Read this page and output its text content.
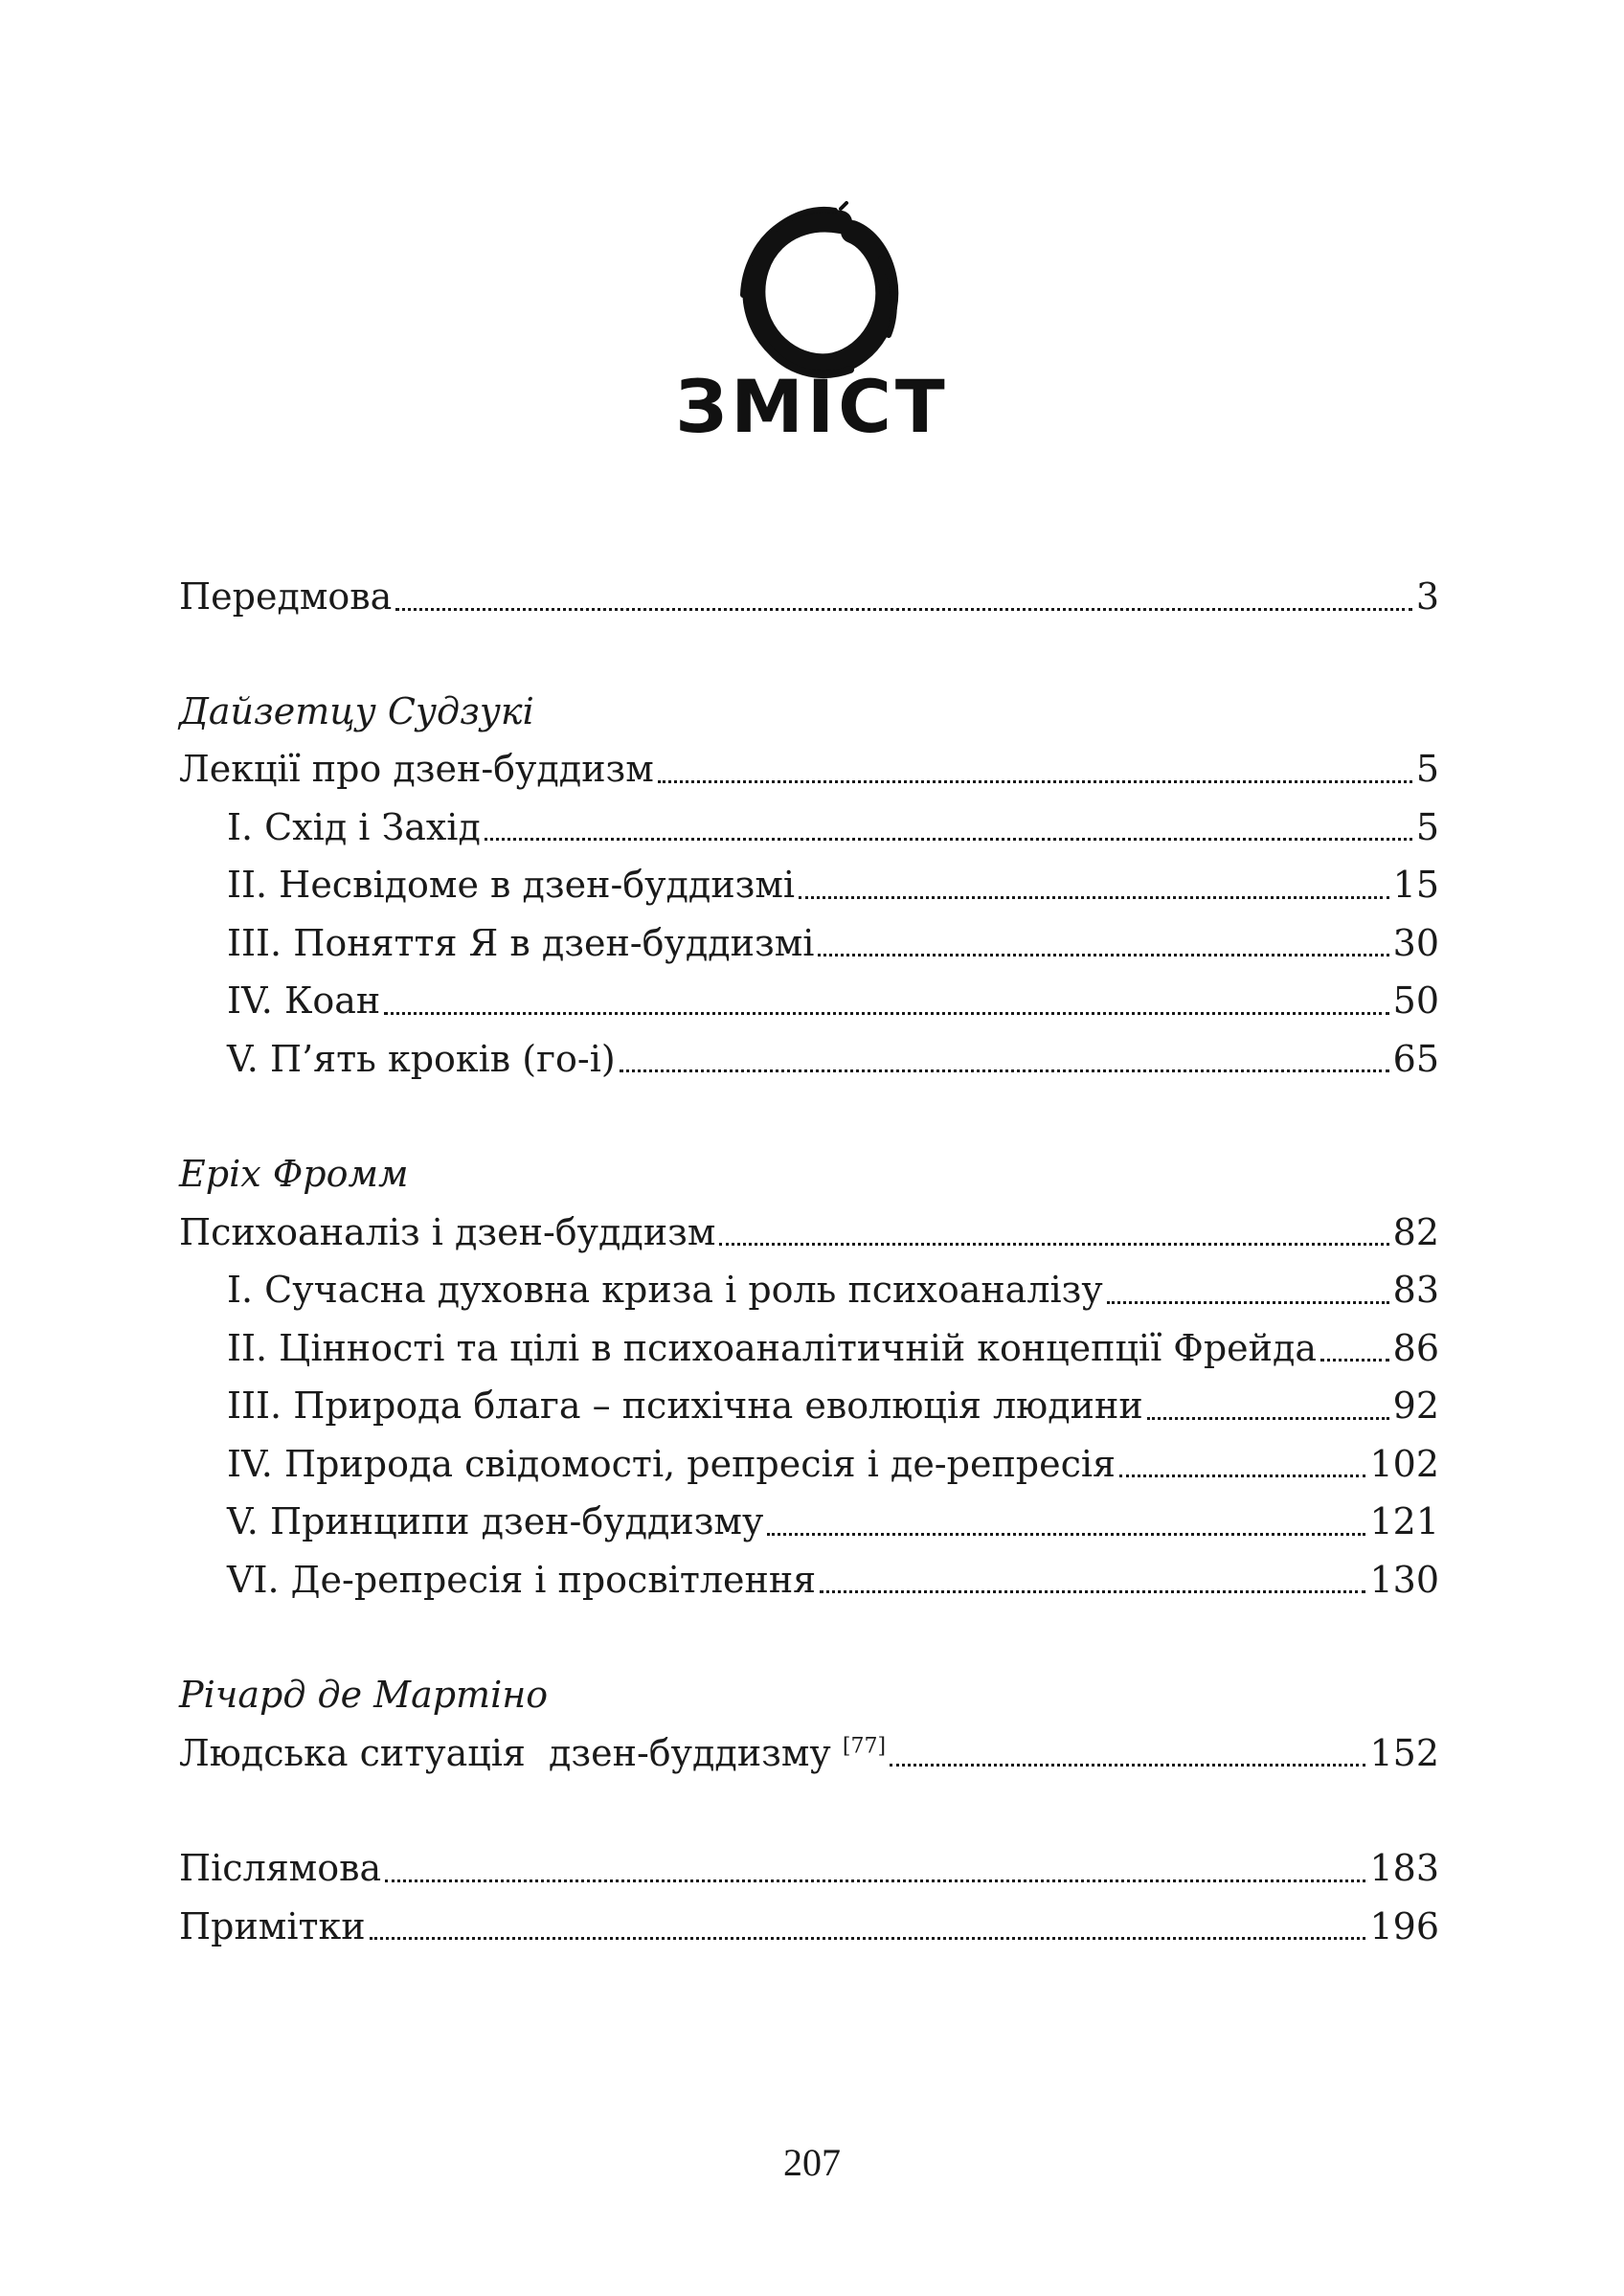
ЗМІСТ
Передмова	3
Дайзетцу Судзукі
Лекції про дзен-буддизм	5
I. Схід і Захід	5
II. Несвідоме в дзен-буддизмі	15
III. Поняття Я в дзен-буддизмі	30
IV. Коан	50
V. П’ять кроків (го-і)	65
Еріх Фромм
Психоаналіз і дзен-буддизм	82
I. Сучасна духовна криза і роль психоаналізу	83
II. Цінності та цілі в психоаналітичній концепції Фрейда 86
III. Природа блага – психічна еволюція людини	92
IV. Природа свідомості, репресія і де-репресія	102
V. Принципи дзен-буддизму	121
VI. Де-репресія і просвітлення	130
Річард де Мартіно
Людська ситуація  дзен-буддизму [77]	152
Післямова	183
Примітки	196
207
